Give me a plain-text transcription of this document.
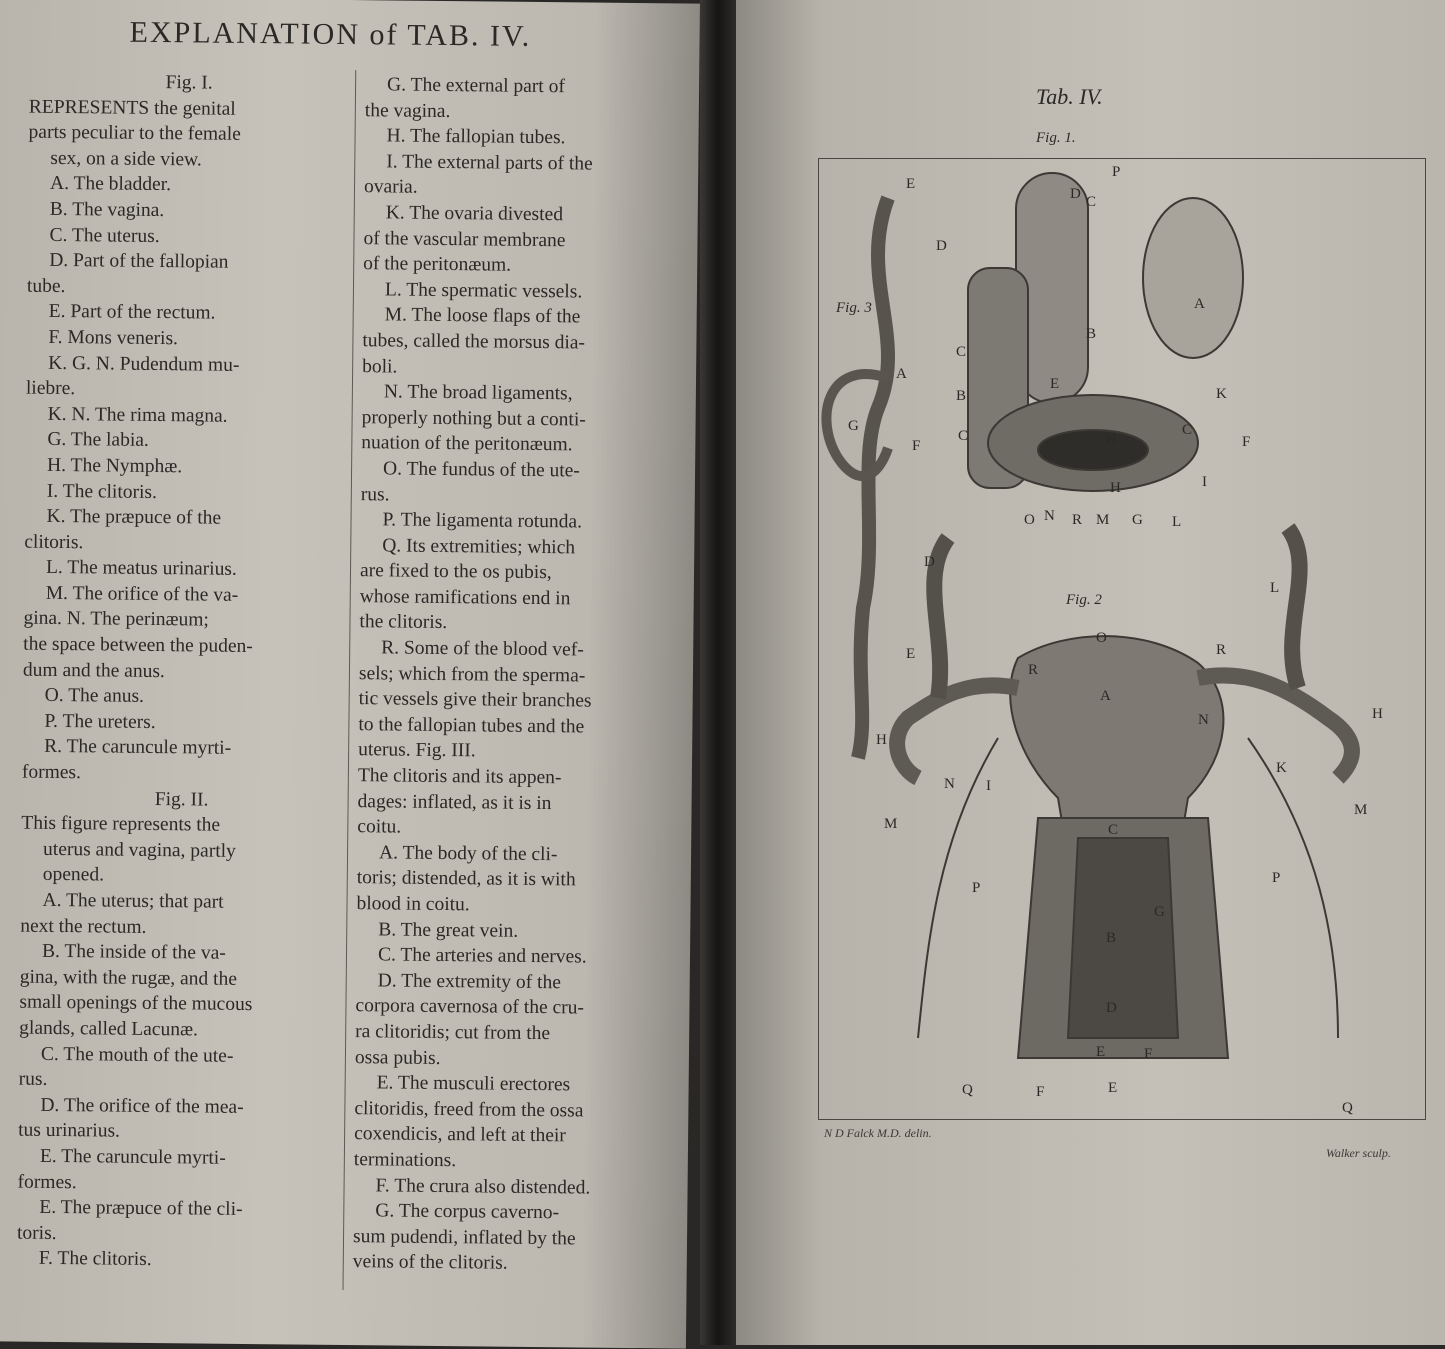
EXPLANATION of TAB. IV.
Fig. I.
REPRESENTS the genital
parts peculiar to the female
sex, on a side view.
A. The bladder.
B. The vagina.
C. The uterus.
D. Part of the fallopian
tube.
E. Part of the rectum.
F. Mons veneris.
K. G. N. Pudendum mu-
liebre.
K. N. The rima magna.
G. The labia.
H. The Nymphæ.
I. The clitoris.
K. The præpuce of the
clitoris.
L. The meatus urinarius.
M. The orifice of the va-
gina. N. The perinæum;
the space between the puden-
dum and the anus.
O. The anus.
P. The ureters.
R. The caruncule myrti-
formes.
Fig. II.
This figure represents the
uterus and vagina, partly
opened.
A. The uterus; that part
next the rectum.
B. The inside of the va-
gina, with the rugæ, and the
small openings of the mucous
glands, called Lacunæ.
C. The mouth of the ute-
rus.
D. The orifice of the mea-
tus urinarius.
E. The caruncule myrti-
formes.
E. The præpuce of the cli-
toris.
F. The clitoris.
G. The external part of
the vagina.
H. The fallopian tubes.
I. The external parts of the
ovaria.
K. The ovaria divested
of the vascular membrane
of the peritonæum.
L. The spermatic vessels.
M. The loose flaps of the
tubes, called the morsus dia-
boli.
N. The broad ligaments,
properly nothing but a conti-
nuation of the peritonæum.
O. The fundus of the ute-
rus.
P. The ligamenta rotunda.
Q. Its extremities; which
are fixed to the os pubis,
whose ramifications end in
the clitoris.
R. Some of the blood vef-
sels; which from the sperma-
tic vessels give their branches
to the fallopian tubes and the
uterus. Fig. III.
The clitoris and its appen-
dages: inflated, as it is in
coitu.
A. The body of the cli-
toris; distended, as it is with
blood in coitu.
B. The great vein.
C. The arteries and nerves.
D. The extremity of the
corpora cavernosa of the cru-
ra clitoridis; cut from the
ossa pubis.
E. The musculi erectores
clitoridis, freed from the ossa
coxendicis, and left at their
terminations.
F. The crura also distended.
G. The corpus caverno-
sum pudendi, inflated by the
veins of the clitoris.
Tab. IV.
Fig. 1.
Fig. 2
Fig. 3
E
D
C
B
C
A
G
F
D
E
P
D C
B
E
A
K
F
H
C
I
H
O N R M G L
L
O
R
R
A
N
H
H
N I
K
M
M
P
P
C
G
B
D
E	F
E
F
Q
Q
N D Falck M.D. delin.
Walker sculp.
